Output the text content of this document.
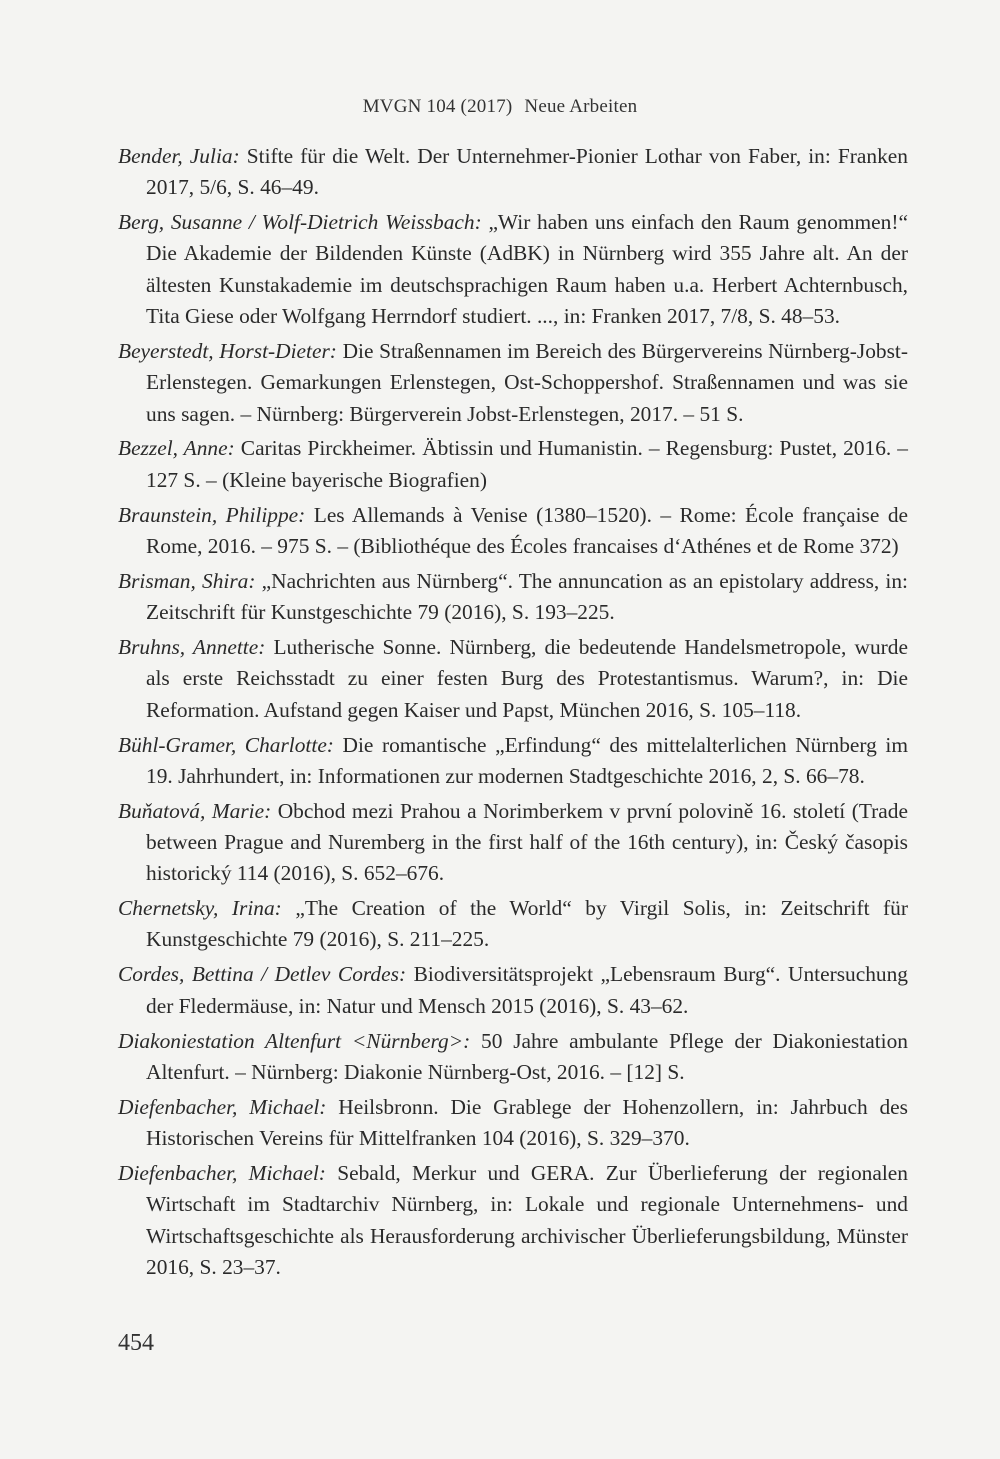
MVGN 104 (2017) Neue Arbeiten
Bender, Julia: Stifte für die Welt. Der Unternehmer-Pionier Lothar von Faber, in: Franken 2017, 5/6, S. 46–49.
Berg, Susanne / Wolf-Dietrich Weissbach: „Wir haben uns einfach den Raum genommen!“ Die Akademie der Bildenden Künste (AdBK) in Nürnberg wird 355 Jahre alt. An der ältesten Kunstakademie im deutschsprachigen Raum haben u.a. Herbert Achternbusch, Tita Giese oder Wolfgang Herrndorf studiert. ..., in: Franken 2017, 7/8, S. 48–53.
Beyerstedt, Horst-Dieter: Die Straßennamen im Bereich des Bürgervereins Nürnberg-Jobst-Erlenstegen. Gemarkungen Erlenstegen, Ost-Schoppershof. Straßennamen und was sie uns sagen. – Nürnberg: Bürgerverein Jobst-Erlenstegen, 2017. – 51 S.
Bezzel, Anne: Caritas Pirckheimer. Äbtissin und Humanistin. – Regensburg: Pustet, 2016. – 127 S. – (Kleine bayerische Biografien)
Braunstein, Philippe: Les Allemands à Venise (1380–1520). – Rome: École française de Rome, 2016. – 975 S. – (Bibliothéque des Écoles francaises d‘Athénes et de Rome 372)
Brisman, Shira: „Nachrichten aus Nürnberg“. The annuncation as an epistolary address, in: Zeitschrift für Kunstgeschichte 79 (2016), S. 193–225.
Bruhns, Annette: Lutherische Sonne. Nürnberg, die bedeutende Handelsmetropole, wurde als erste Reichsstadt zu einer festen Burg des Protestantismus. Warum?, in: Die Reformation. Aufstand gegen Kaiser und Papst, München 2016, S. 105–118.
Bühl-Gramer, Charlotte: Die romantische „Erfindung“ des mittelalterlichen Nürnberg im 19. Jahrhundert, in: Informationen zur modernen Stadtgeschichte 2016, 2, S. 66–78.
Buňatová, Marie: Obchod mezi Prahou a Norimberkem v první polovině 16. století (Trade between Prague and Nuremberg in the first half of the 16th century), in: Český časopis historický 114 (2016), S. 652–676.
Chernetsky, Irina: „The Creation of the World“ by Virgil Solis, in: Zeitschrift für Kunstgeschichte 79 (2016), S. 211–225.
Cordes, Bettina / Detlev Cordes: Biodiversitätsprojekt „Lebensraum Burg“. Untersuchung der Fledermäuse, in: Natur und Mensch 2015 (2016), S. 43–62.
Diakoniestation Altenfurt <Nürnberg>: 50 Jahre ambulante Pflege der Diakoniestation Altenfurt. – Nürnberg: Diakonie Nürnberg-Ost, 2016. – [12] S.
Diefenbacher, Michael: Heilsbronn. Die Grablege der Hohenzollern, in: Jahrbuch des Historischen Vereins für Mittelfranken 104 (2016), S. 329–370.
Diefenbacher, Michael: Sebald, Merkur und GERA. Zur Überlieferung der regionalen Wirtschaft im Stadtarchiv Nürnberg, in: Lokale und regionale Unternehmens- und Wirtschaftsgeschichte als Herausforderung archivischer Überlieferungsbildung, Münster 2016, S. 23–37.
454
